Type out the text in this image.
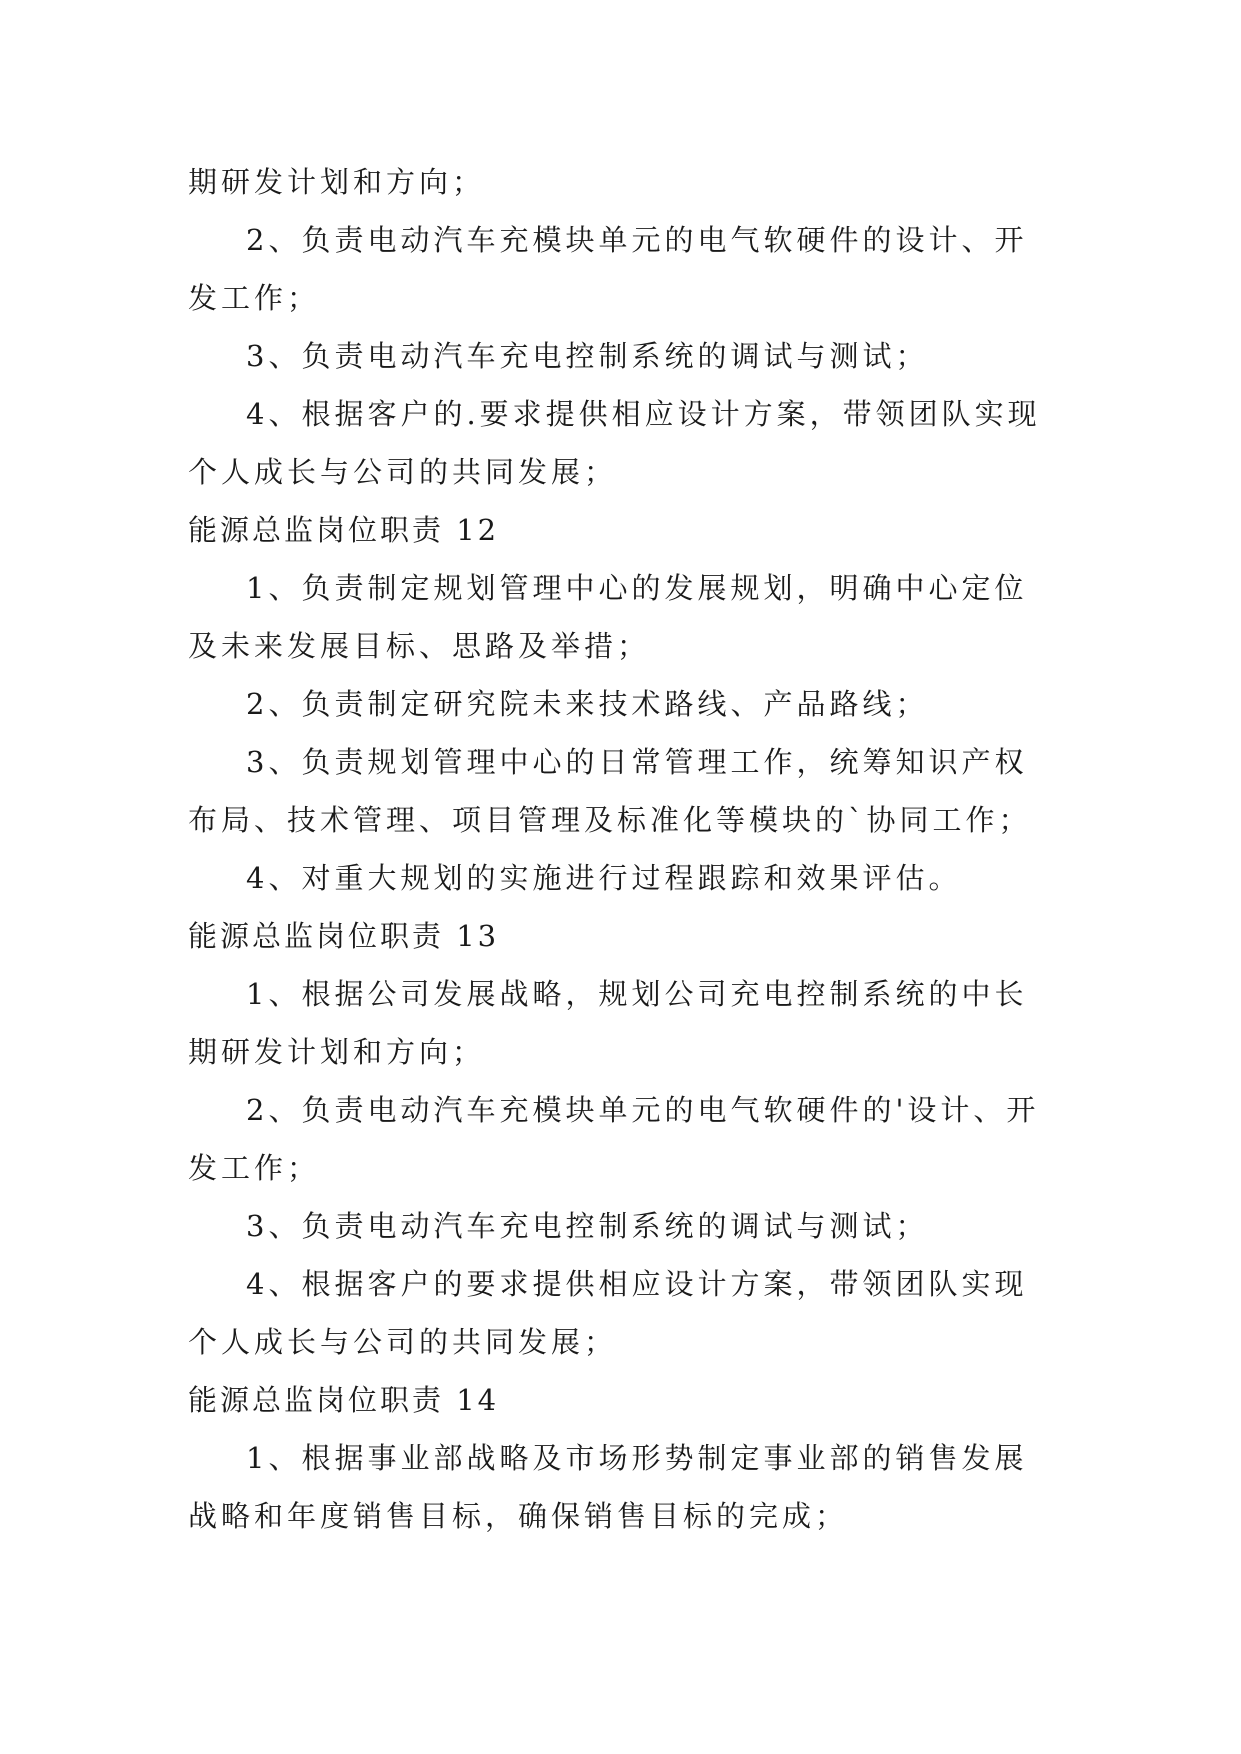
期研发计划和方向；

2、负责电动汽车充模块单元的电气软硬件的设计、开

发工作；

3、负责电动汽车充电控制系统的调试与测试；

4、根据客户的.要求提供相应设计方案，带领团队实现

个人成长与公司的共同发展；

能源总监岗位职责 12

1、负责制定规划管理中心的发展规划，明确中心定位

及未来发展目标、思路及举措；

2、负责制定研究院未来技术路线、产品路线；

3、负责规划管理中心的日常管理工作，统筹知识产权

布局、技术管理、项目管理及标准化等模块的`协同工作；

4、对重大规划的实施进行过程跟踪和效果评估。

能源总监岗位职责 13

1、根据公司发展战略，规划公司充电控制系统的中长

期研发计划和方向；

2、负责电动汽车充模块单元的电气软硬件的'设计、开

发工作；

3、负责电动汽车充电控制系统的调试与测试；

4、根据客户的要求提供相应设计方案，带领团队实现

个人成长与公司的共同发展；

能源总监岗位职责 14

1、根据事业部战略及市场形势制定事业部的销售发展

战略和年度销售目标，确保销售目标的完成；
